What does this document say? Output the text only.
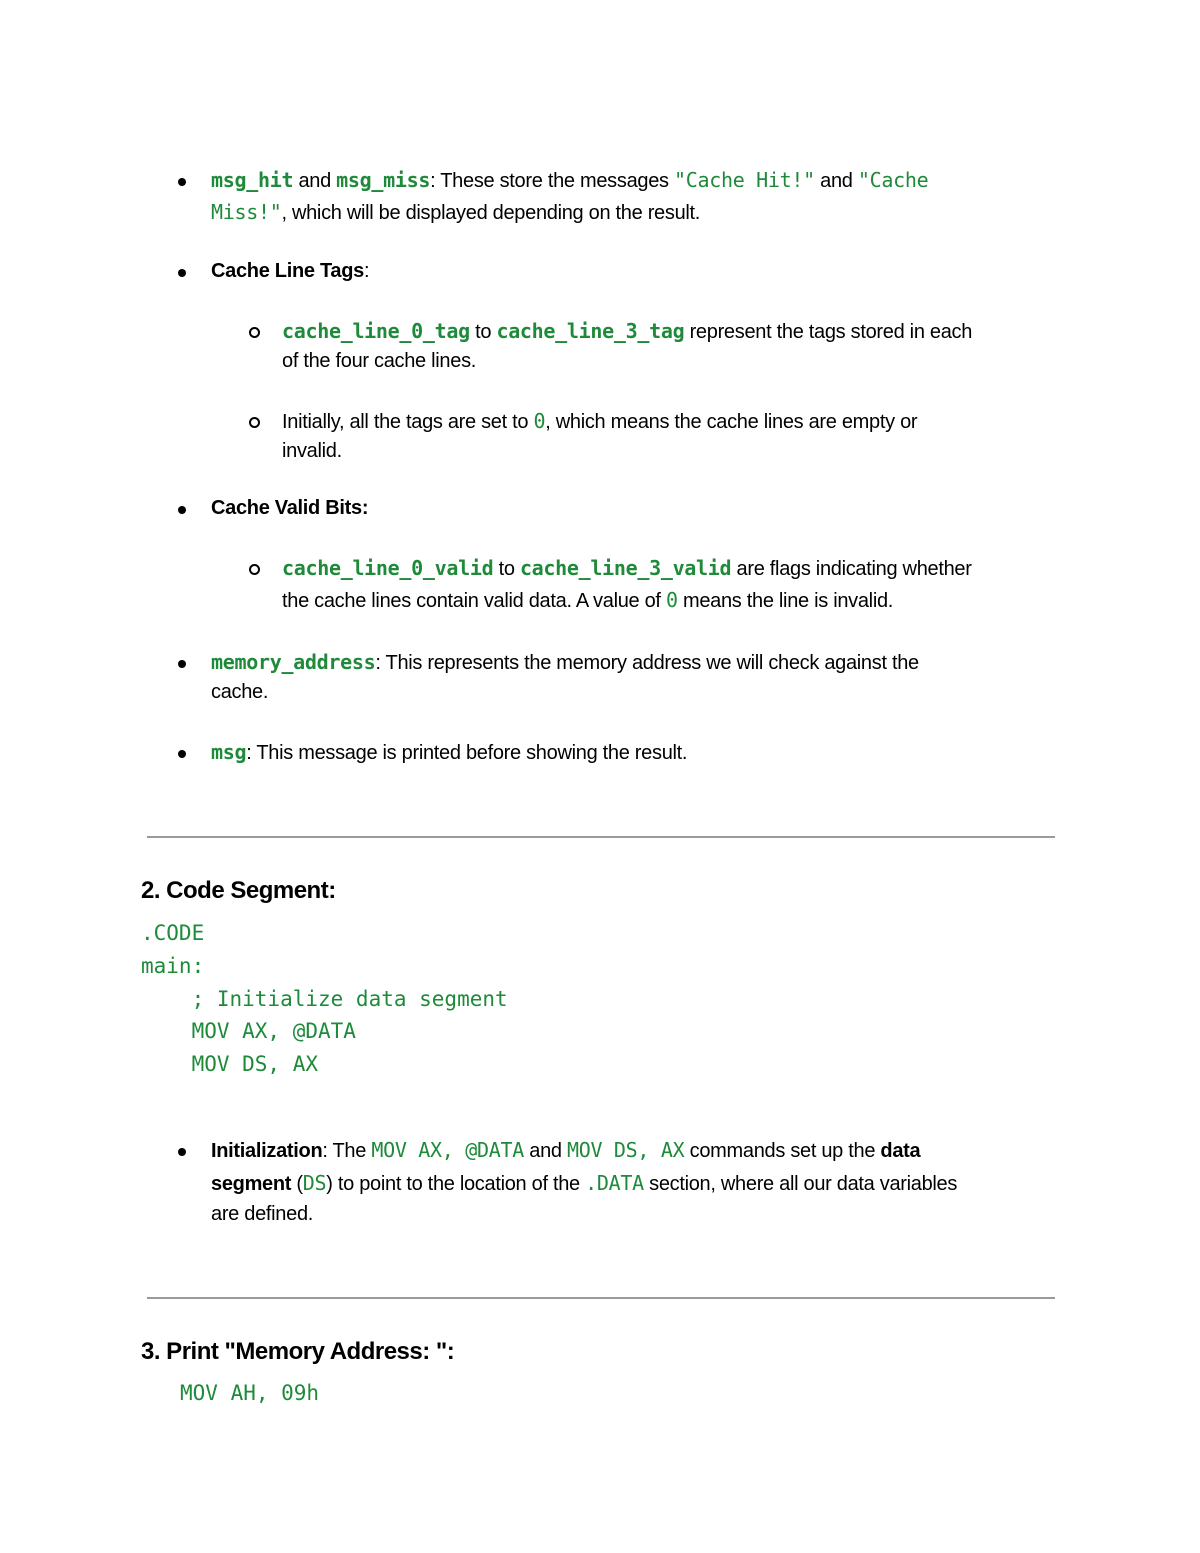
msg_hit and msg_miss: These store the messages "Cache Hit!" and "Cache
Miss!", which will be displayed depending on the result.
Cache Line Tags:
cache_line_0_tag to cache_line_3_tag represent the tags stored in each
of the four cache lines.
Initially, all the tags are set to 0, which means the cache lines are empty or
invalid.
Cache Valid Bits:
cache_line_0_valid to cache_line_3_valid are flags indicating whether
the cache lines contain valid data. A value of 0 means the line is invalid.
memory_address: This represents the memory address we will check against the
cache.
msg: This message is printed before showing the result.
2. Code Segment:
.CODE
main:
; Initialize data segment
MOV AX, @DATA
MOV DS, AX
Initialization: The MOV AX, @DATA and MOV DS, AX commands set up the data
segment (DS) to point to the location of the .DATA section, where all our data variables
are defined.
3. Print "Memory Address: ":
MOV AH, 09h
